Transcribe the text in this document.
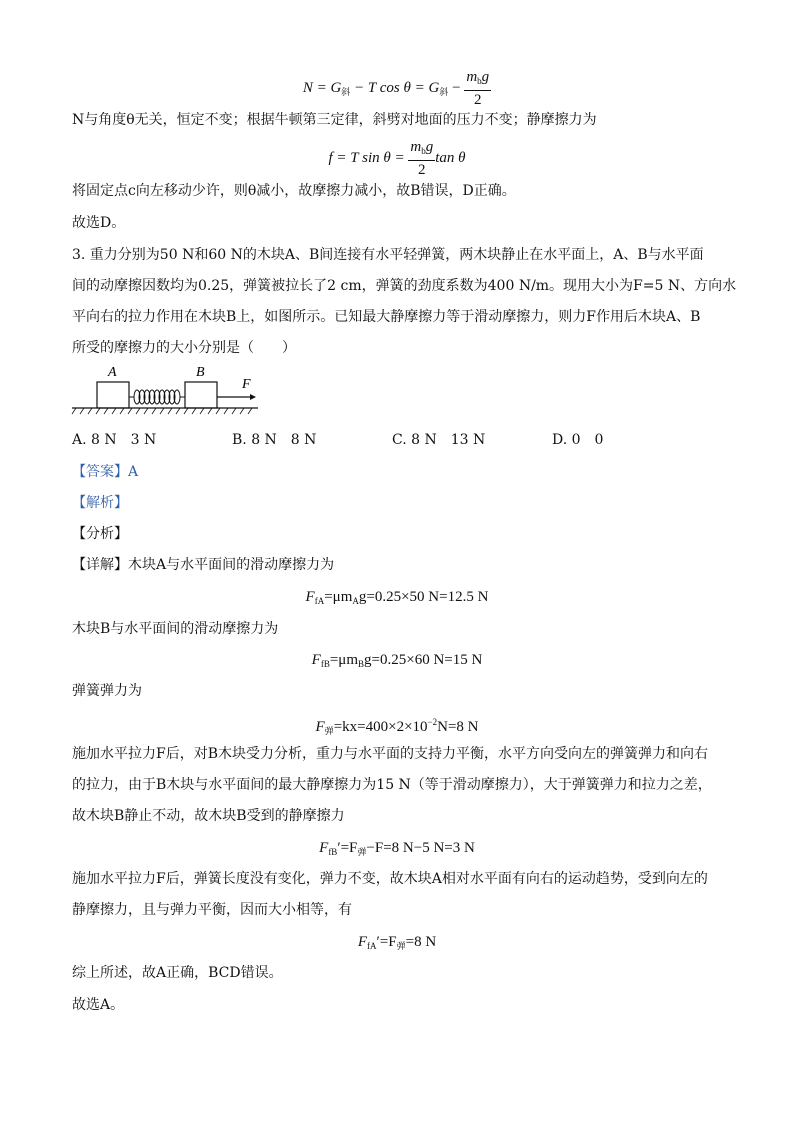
$N = G_斜 - T$ $\cos \theta = G_斜 - \frac{m_bg}{2}$
N与角度θ无关，恒定不变；根据牛顿第三定律，斜劈对地面的压力不变；静摩擦力为
f = T $\sin \theta = \frac{m_bg}{2}$ tan θ
将固定点c向左移动少许，则θ减小，故摩擦力减小，故B错误，D正确。
故选D。
3. 重力分别为50 N和60 N的木块A、B间连接有水平轻弹簧，两木块静止在水平面上，A、B与水平面
间的动摩擦因数均为0.25，弹簧被拉长了2 cm，弹簧的劲度系数为400 N/m。现用大小为F=5 N、方向水
平向右的拉力作用在木块B上，如图所示。已知最大静摩擦力等于滑动摩擦力，则力F作用后木块A、B
所受的摩擦力的大小分别是（　　）
A	B
F
A. 8 N　3 N	B. 8 N　8 N	C. 8 N　13 N	D. 0　0
【答案】A
【解析】
【分析】
【详解】木块A与水平面间的滑动摩擦力为
$F_{fA}=\mu m_Ag=0.25\times 50$ N=12.5 N
木块B与水平面间的滑动摩擦力为
$F_{fB}=\mu m_Bg=0.25\times 60$ N=15 N
弹簧弹力为
$F_弹=kx=400\times 2\times 10^{-2}N=8$ N
施加水平拉力F后，对B木块受力分析，重力与水平面的支持力平衡，水平方向受向左的弹簧弹力和向右
的拉力，由于B木块与水平面间的最大静摩擦力为15 N（等于滑动摩擦力），大于弹簧弹力和拉力之差，
故木块B静止不动，故木块B受到的静摩擦力
$F_{fB}'=F_弹-F=8$ N−5 N=3 N
施加水平拉力F后，弹簧长度没有变化，弹力不变，故木块A相对水平面有向右的运动趋势，受到向左的
静摩擦力，且与弹力平衡，因而大小相等，有
$F_{fA}'=F_弹=8$ N
综上所述，故A正确，BCD错误。
故选A。
